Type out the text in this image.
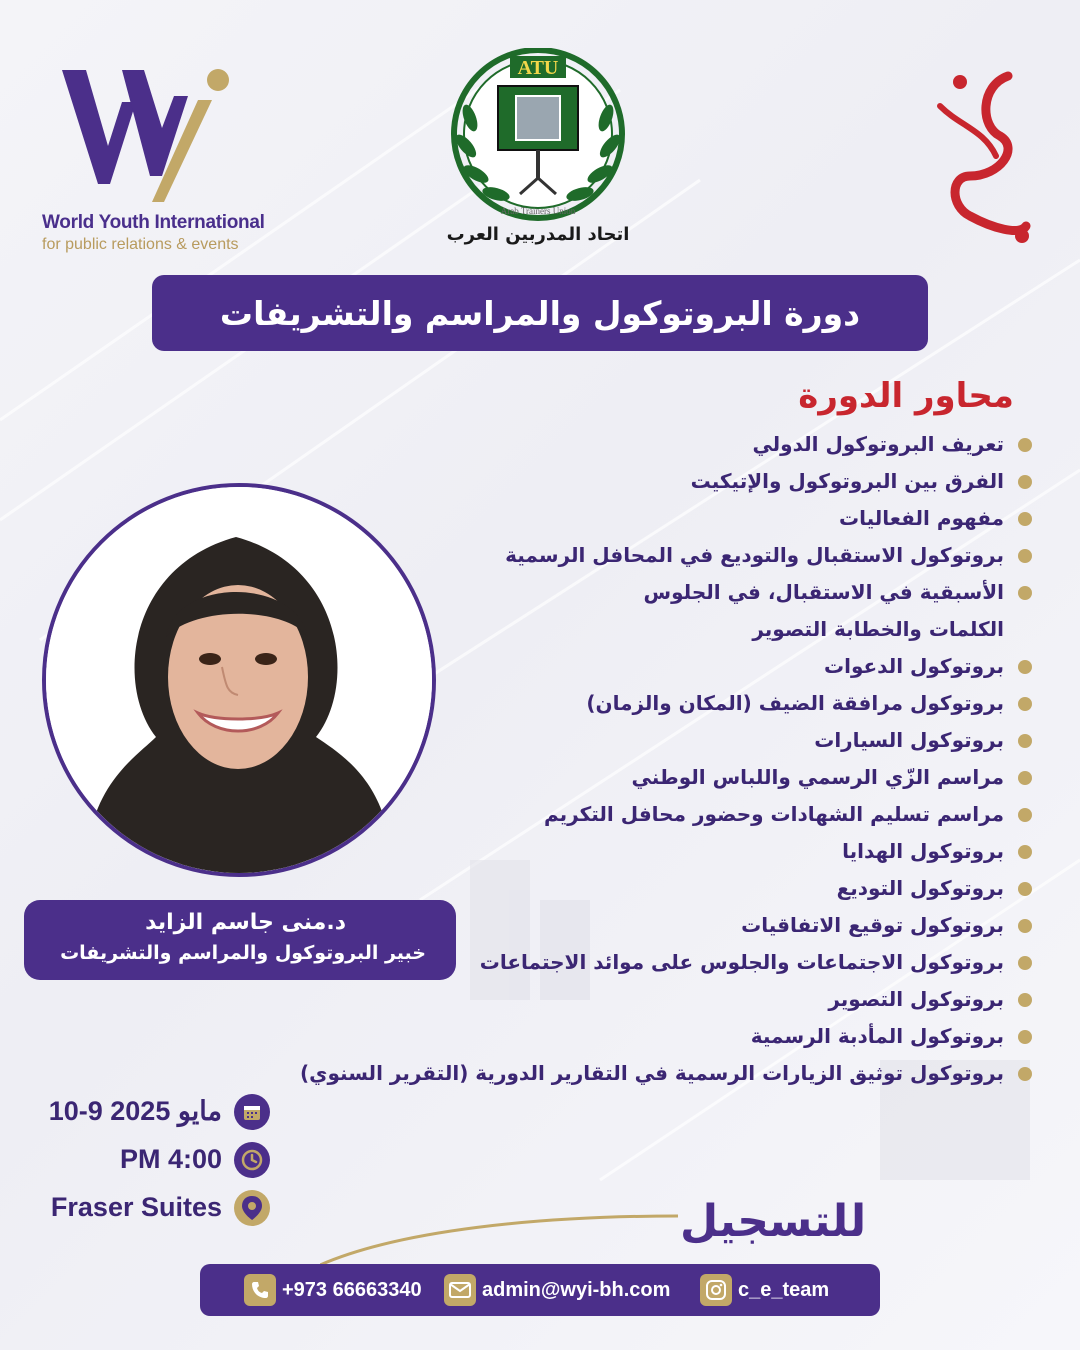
World Youth International
for public relations & events
ATU
Arab Trainers Union
اتحاد المدربين العرب
دورة البروتوكول والمراسم والتشريفات
محاور الدورة
تعريف البروتوكول الدولي
الفرق بين البروتوكول والإتيكيت
مفهوم الفعاليات
بروتوكول الاستقبال والتوديع في المحافل الرسمية
الأسبقية في الاستقبال، في الجلوس
الكلمات والخطابة التصوير
بروتوكول الدعوات
بروتوكول مرافقة الضيف (المكان والزمان)
بروتوكول السيارات
مراسم الزّي الرسمي واللباس الوطني
مراسم تسليم الشهادات وحضور محافل التكريم
بروتوكول الهدايا
بروتوكول التوديع
بروتوكول توقيع الاتفاقيات
بروتوكول الاجتماعات والجلوس على موائد الاجتماعات
بروتوكول التصوير
بروتوكول المأدبة الرسمية
بروتوكول توثيق الزيارات الرسمية في التقارير الدورية (التقرير السنوي)
د.منى جاسم الزايد
خبير البروتوكول والمراسم والتشريفات
10-9 مايو 2025
PM 4:00
Fraser Suites	للتسجيل
+973 66663340	admin@wyi-bh.com	c_e_team
